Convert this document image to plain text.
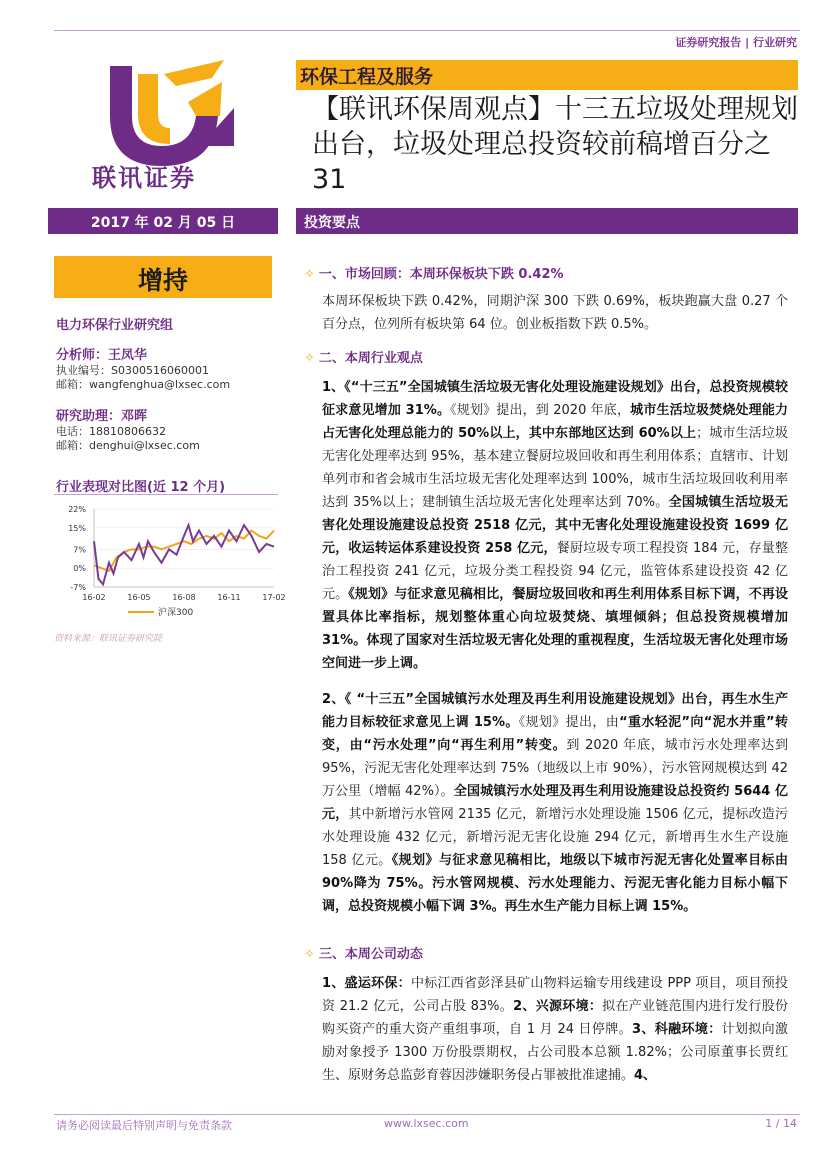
证券研究报告 | 行业研究
联讯证券
环保工程及服务
【联讯环保周观点】十三五垃圾处理规划出台，垃圾处理总投资较前稿增百分之 31
2017 年 02 月 05 日	投资要点
增持
电力环保行业研究组
分析师：王凤华
执业编号：S0300516060001
邮箱：wangfenghua@lxsec.com
研究助理：邓晖
电话：18810806632
邮箱：denghui@lxsec.com
行业表现对比图(近 12 个月)
22%
15%
7%
0%
-7%
16-02	16-05	16-08	16-11	17-02
沪深300
资料来源：联讯证券研究院
✧ 一、市场回顾：本周环保板块下跌 0.42%
本周环保板块下跌 0.42%，同期沪深 300 下跌 0.69%，板块跑赢大盘 0.27 个百分点，位列所有板块第 64 位。创业板指数下跌 0.5%。
✧ 二、本周行业观点
1、《“十三五”全国城镇生活垃圾无害化处理设施建设规划》出台，总投资规模较征求意见增加 31%。《规划》提出，到 2020 年底，城市生活垃圾焚烧处理能力占无害化处理总能力的 50%以上，其中东部地区达到 60%以上；城市生活垃圾无害化处理率达到 95%，基本建立餐厨垃圾回收和再生利用体系；直辖市、计划单列市和省会城市生活垃圾无害化处理率达到 100%，城市生活垃圾回收利用率达到 35%以上；建制镇生活垃圾无害化处理率达到 70%。全国城镇生活垃圾无害化处理设施建设总投资 2518 亿元，其中无害化处理设施建设投资 1699 亿元，收运转运体系建设投资 258 亿元，餐厨垃圾专项工程投资 184 元，存量整治工程投资 241 亿元，垃圾分类工程投资 94 亿元，监管体系建设投资 42 亿元。《规划》与征求意见稿相比，餐厨垃圾回收和再生利用体系目标下调，不再设置具体比率指标，规划整体重心向垃圾焚烧、填埋倾斜；但总投资规模增加 31%。体现了国家对生活垃圾无害化处理的重视程度，生活垃圾无害化处理市场空间进一步上调。
2、《 “十三五”全国城镇污水处理及再生利用设施建设规划》出台，再生水生产能力目标较征求意见上调 15%。《规划》提出，由“重水轻泥”向“泥水并重”转变，由“污水处理”向“再生利用”转变。到 2020 年底，城市污水处理率达到 95%，污泥无害化处理率达到 75%（地级以上市 90%），污水管网规模达到 42 万公里（增幅 42%）。全国城镇污水处理及再生利用设施建设总投资约 5644 亿元，其中新增污水管网 2135 亿元，新增污水处理设施 1506 亿元，提标改造污水处理设施 432 亿元，新增污泥无害化设施 294 亿元，新增再生水生产设施 158 亿元。《规划》与征求意见稿相比，地级以下城市污泥无害化处置率目标由 90%降为 75%。污水管网规模、污水处理能力、污泥无害化能力目标小幅下调，总投资规模小幅下调 3%。再生水生产能力目标上调 15%。
✧ 三、本周公司动态
1、盛运环保：中标江西省彭泽县矿山物料运输专用线建设 PPP 项目，项目预投资 21.2 亿元，公司占股 83%。2、兴源环境：拟在产业链范围内进行发行股份购买资产的重大资产重组事项，自 1 月 24 日停牌。3、科融环境：计划拟向激励对象授予 1300 万份股票期权，占公司股本总额 1.82%；公司原董事长贾红生、原财务总监彭育蓉因涉嫌职务侵占罪被批准逮捕。4、
请务必阅读最后特别声明与免责条款	www.lxsec.com	1 / 14
